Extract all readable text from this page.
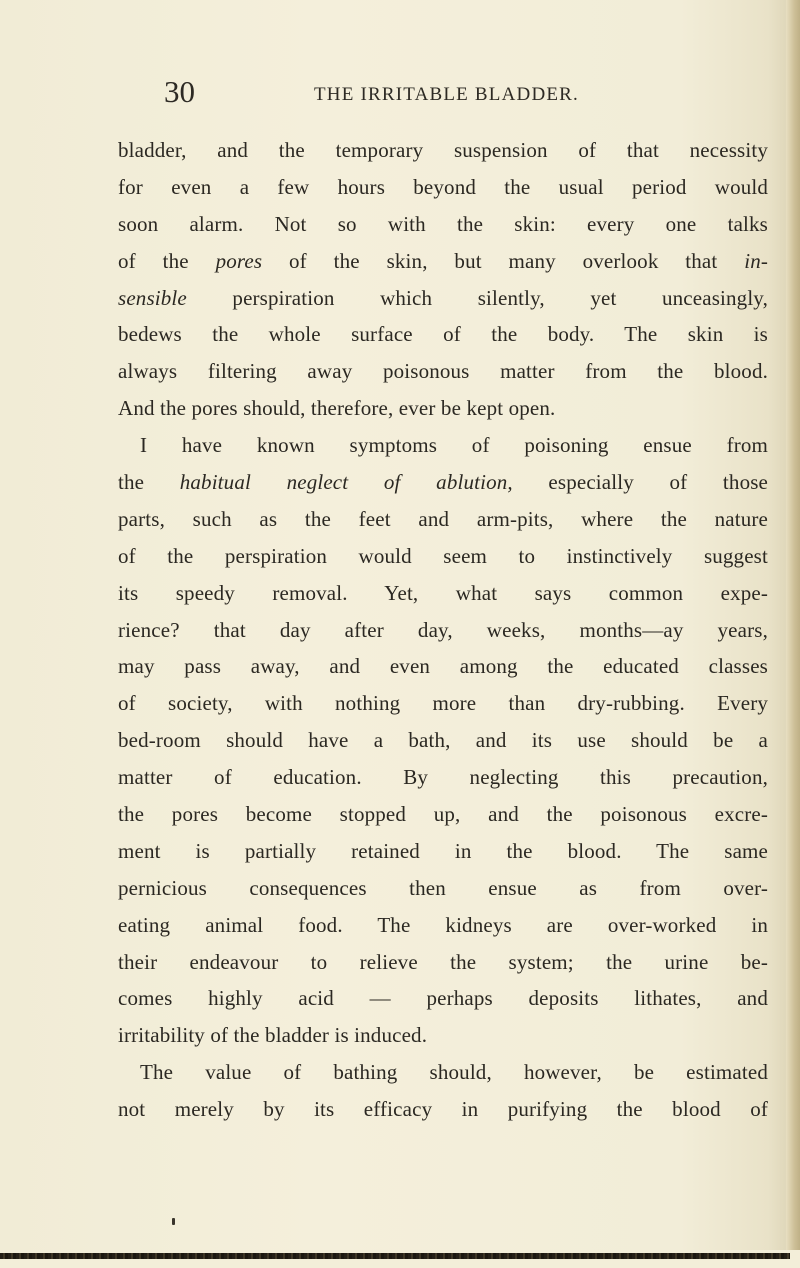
30	THE IRRITABLE BLADDER.
bladder, and the temporary suspension of that necessity
for even a few hours beyond the usual period would
soon alarm. Not so with the skin: every one talks
of the pores of the skin, but many overlook that in-
sensible perspiration which silently, yet unceasingly,
bedews the whole surface of the body. The skin is
always filtering away poisonous matter from the blood.
And the pores should, therefore, ever be kept open.
I have known symptoms of poisoning ensue from
the habitual neglect of ablution, especially of those
parts, such as the feet and arm-pits, where the nature
of the perspiration would seem to instinctively suggest
its speedy removal. Yet, what says common expe-
rience? that day after day, weeks, months—ay years,
may pass away, and even among the educated classes
of society, with nothing more than dry-rubbing. Every
bed-room should have a bath, and its use should be a
matter of education. By neglecting this precaution,
the pores become stopped up, and the poisonous excre-
ment is partially retained in the blood. The same
pernicious consequences then ensue as from over-
eating animal food. The kidneys are over-worked in
their endeavour to relieve the system; the urine be-
comes highly acid — perhaps deposits lithates, and
irritability of the bladder is induced.
The value of bathing should, however, be estimated
not merely by its efficacy in purifying the blood of
